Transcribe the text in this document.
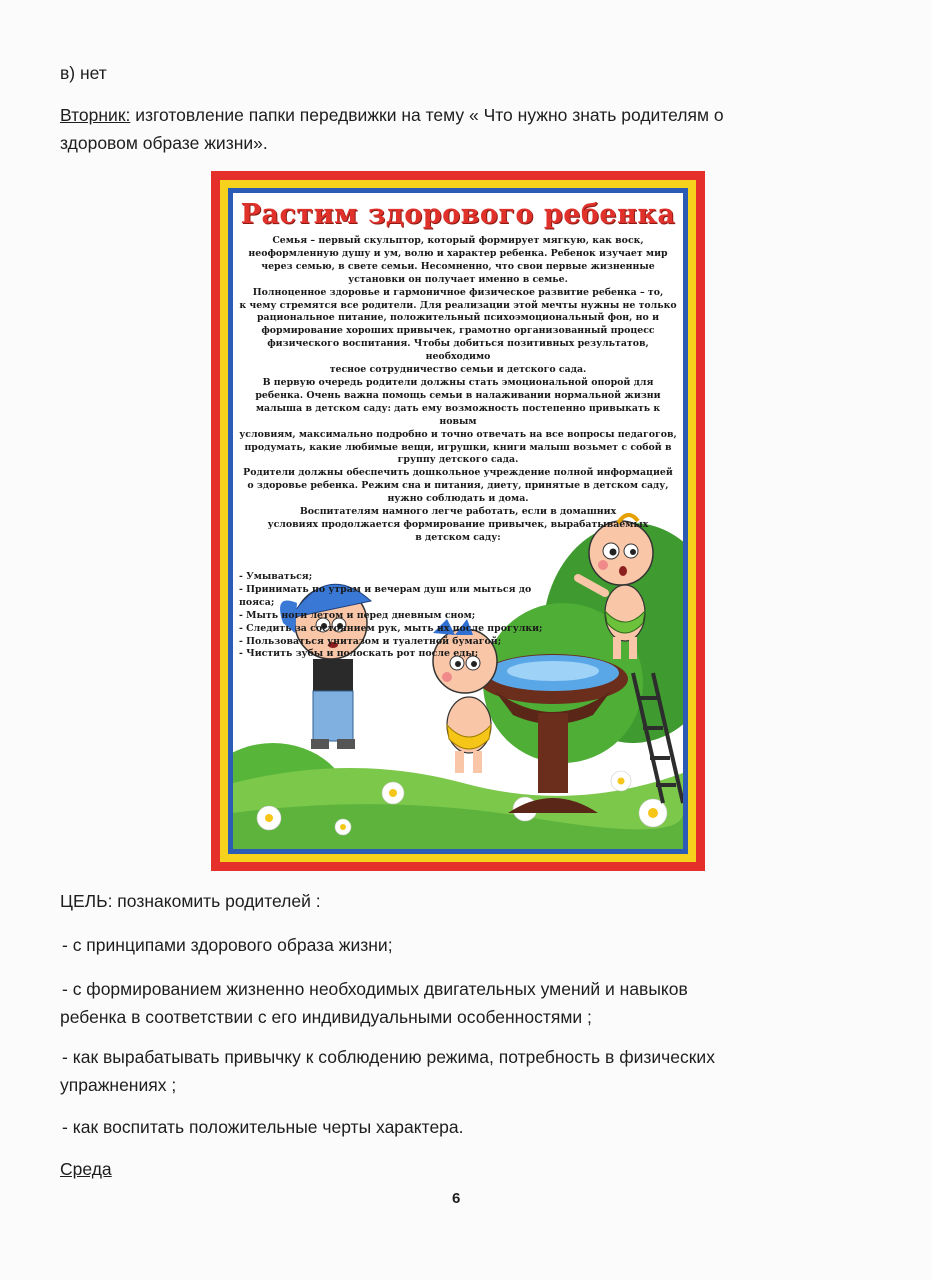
в) нет

Вторник: изготовление папки передвижки на тему « Что нужно знать родителям о

здоровом образе жизни».

Растим здорового ребенка

Семья – первый скульптор, который формирует мягкую, как воск,

неоформленную душу и ум, волю и характер ребенка. Ребенок изучает мир

через семью, в свете семьи. Несомненно, что свои первые жизненные

установки он получает именно в семье.

Полноценное здоровье и гармоничное физическое развитие ребенка – то,

к чему стремятся все родители. Для реализации этой мечты нужны не только

рациональное питание, положительный психоэмоциональный фон, но и

формирование хороших привычек, грамотно организованный процесс

физического воспитания. Чтобы добиться позитивных результатов, необходимо

тесное сотрудничество семьи и детского сада.

В первую очередь родители должны стать эмоциональной опорой для

ребенка. Очень важна помощь семьи в налаживании нормальной жизни

малыша в детском саду: дать ему возможность постепенно привыкать к новым

условиям, максимально подробно и точно отвечать на все вопросы педагогов,

продумать, какие любимые вещи, игрушки, книги малыш возьмет с собой в

группу детского сада.

Родители должны обеспечить дошкольное учреждение полной информацией

о здоровье ребенка. Режим сна и питания, диету, принятые в детском саду,

нужно соблюдать и дома.

Воспитателям намного легче работать, если в домашних

условиях продолжается формирование привычек, вырабатываемых

в детском саду:

- Умываться;
- Принимать по утрам и вечерам душ или мыться до пояса;
- Мыть ноги летом и перед дневным сном;
- Следить за состоянием рук, мыть их после прогулки;
- Пользоваться унитазом и туалетной бумагой;
- Чистить зубы и полоскать рот после еды;

ЦЕЛЬ: познакомить родителей :

- с принципами здорового образа жизни;

- с формированием жизненно необходимых двигательных умений и навыков

ребенка в соответствии с его индивидуальными особенностями ;

- как вырабатывать привычку к соблюдению режима, потребность в физических

упражнениях ;

- как воспитать положительные черты характера.

Среда

6
